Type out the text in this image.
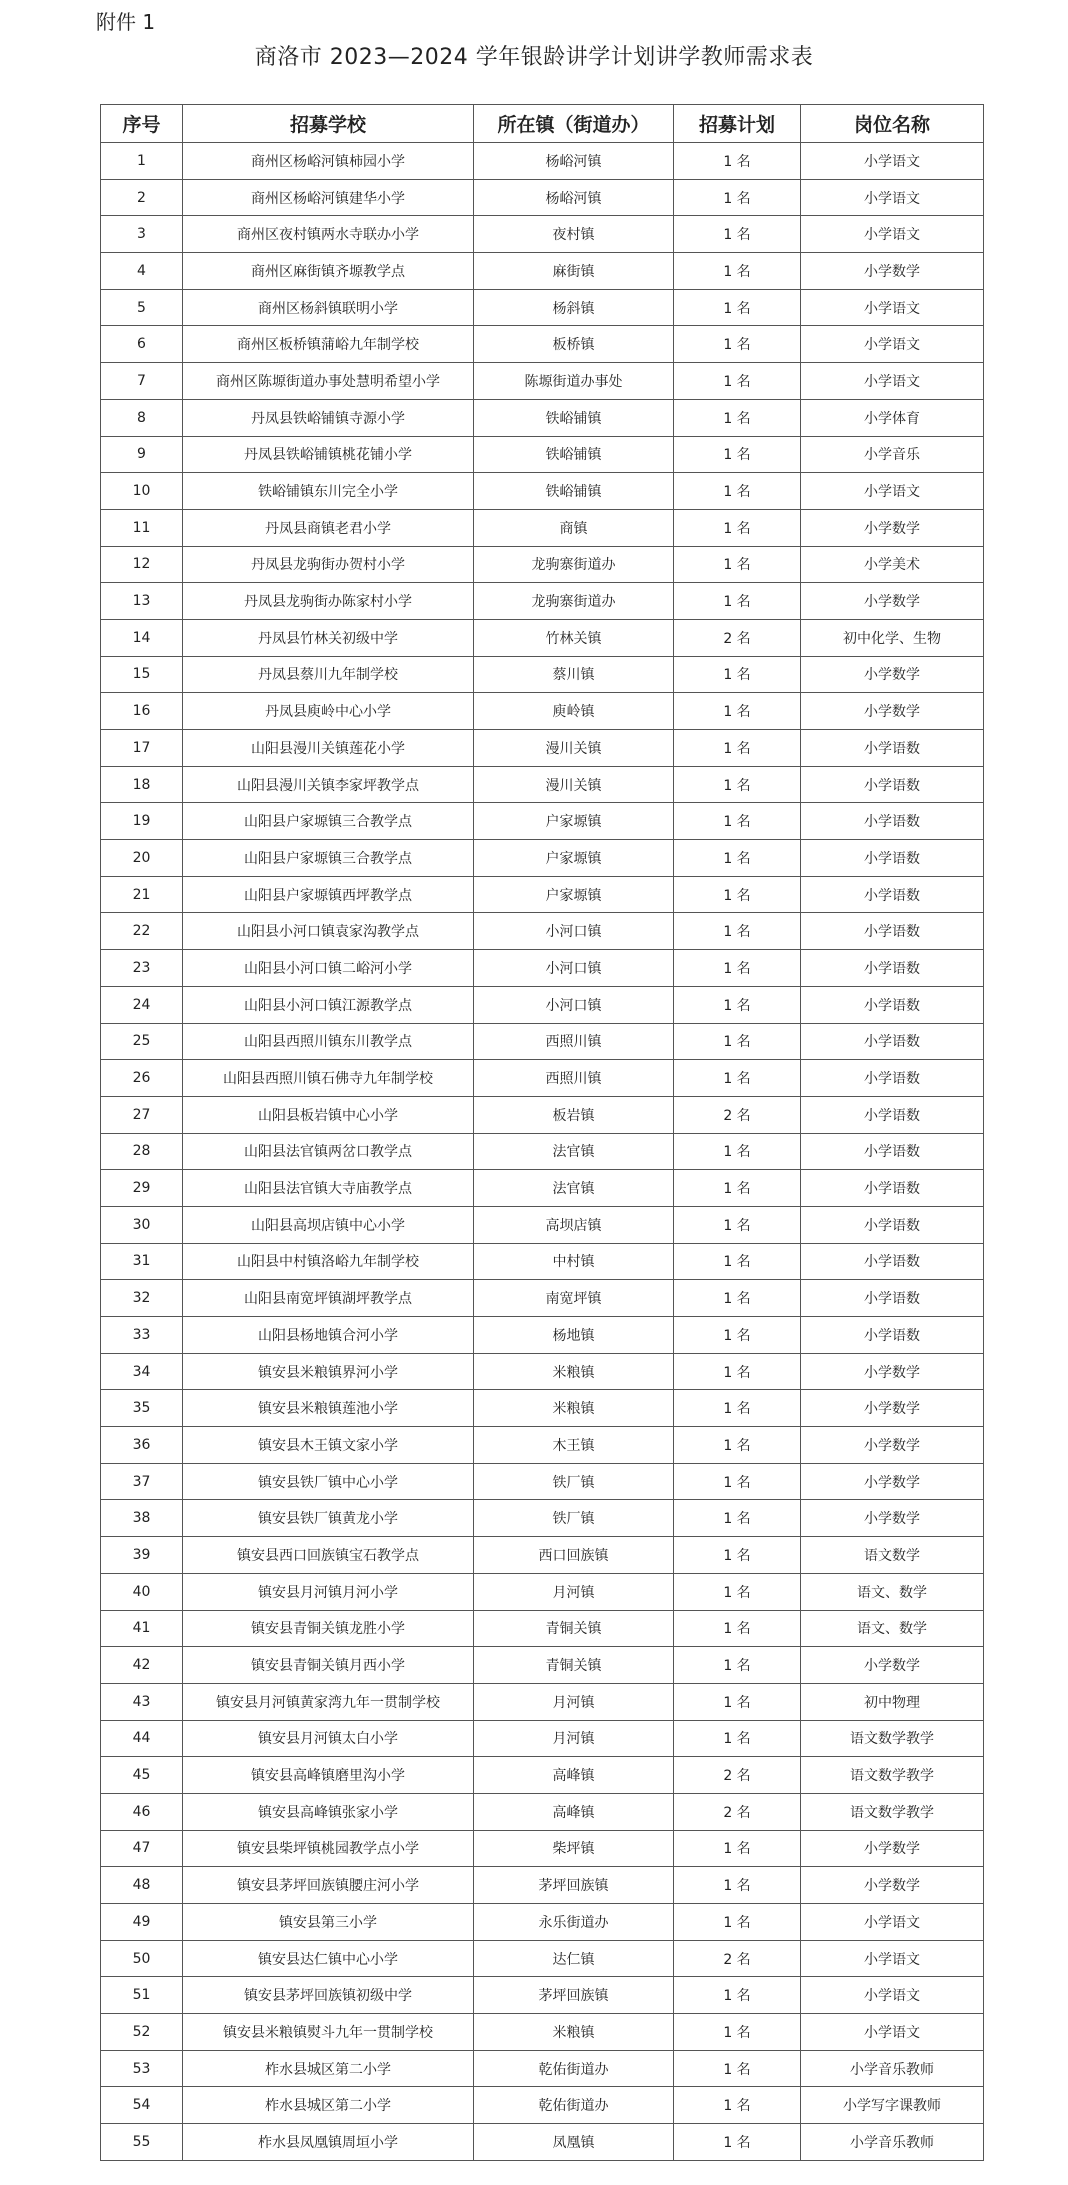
附件 1
商洛市 2023—2024 学年银龄讲学计划讲学教师需求表
序号	招募学校	所在镇（街道办）	招募计划	岗位名称
1	商州区杨峪河镇柿园小学	杨峪河镇	1 名	小学语文
2	商州区杨峪河镇建华小学	杨峪河镇	1 名	小学语文
3	商州区夜村镇两水寺联办小学	夜村镇	1 名	小学语文
4	商州区麻街镇齐塬教学点	麻街镇	1 名	小学数学
5	商州区杨斜镇联明小学	杨斜镇	1 名	小学语文
6	商州区板桥镇蒲峪九年制学校	板桥镇	1 名	小学语文
7	商州区陈塬街道办事处慧明希望小学	陈塬街道办事处	1 名	小学语文
8	丹凤县铁峪铺镇寺源小学	铁峪铺镇	1 名	小学体育
9	丹凤县铁峪铺镇桃花铺小学	铁峪铺镇	1 名	小学音乐
10	铁峪铺镇东川完全小学	铁峪铺镇	1 名	小学语文
11	丹凤县商镇老君小学	商镇	1 名	小学数学
12	丹凤县龙驹街办贺村小学	龙驹寨街道办	1 名	小学美术
13	丹凤县龙驹街办陈家村小学	龙驹寨街道办	1 名	小学数学
14	丹凤县竹林关初级中学	竹林关镇	2 名	初中化学、生物
15	丹凤县蔡川九年制学校	蔡川镇	1 名	小学数学
16	丹凤县庾岭中心小学	庾岭镇	1 名	小学数学
17	山阳县漫川关镇莲花小学	漫川关镇	1 名	小学语数
18	山阳县漫川关镇李家坪教学点	漫川关镇	1 名	小学语数
19	山阳县户家塬镇三合教学点	户家塬镇	1 名	小学语数
20	山阳县户家塬镇三合教学点	户家塬镇	1 名	小学语数
21	山阳县户家塬镇西坪教学点	户家塬镇	1 名	小学语数
22	山阳县小河口镇袁家沟教学点	小河口镇	1 名	小学语数
23	山阳县小河口镇二峪河小学	小河口镇	1 名	小学语数
24	山阳县小河口镇江源教学点	小河口镇	1 名	小学语数
25	山阳县西照川镇东川教学点	西照川镇	1 名	小学语数
26	山阳县西照川镇石佛寺九年制学校	西照川镇	1 名	小学语数
27	山阳县板岩镇中心小学	板岩镇	2 名	小学语数
28	山阳县法官镇两岔口教学点	法官镇	1 名	小学语数
29	山阳县法官镇大寺庙教学点	法官镇	1 名	小学语数
30	山阳县高坝店镇中心小学	高坝店镇	1 名	小学语数
31	山阳县中村镇洛峪九年制学校	中村镇	1 名	小学语数
32	山阳县南宽坪镇湖坪教学点	南宽坪镇	1 名	小学语数
33	山阳县杨地镇合河小学	杨地镇	1 名	小学语数
34	镇安县米粮镇界河小学	米粮镇	1 名	小学数学
35	镇安县米粮镇莲池小学	米粮镇	1 名	小学数学
36	镇安县木王镇文家小学	木王镇	1 名	小学数学
37	镇安县铁厂镇中心小学	铁厂镇	1 名	小学数学
38	镇安县铁厂镇黄龙小学	铁厂镇	1 名	小学数学
39	镇安县西口回族镇宝石教学点	西口回族镇	1 名	语文数学
40	镇安县月河镇月河小学	月河镇	1 名	语文、数学
41	镇安县青铜关镇龙胜小学	青铜关镇	1 名	语文、数学
42	镇安县青铜关镇月西小学	青铜关镇	1 名	小学数学
43	镇安县月河镇黄家湾九年一贯制学校	月河镇	1 名	初中物理
44	镇安县月河镇太白小学	月河镇	1 名	语文数学教学
45	镇安县高峰镇磨里沟小学	高峰镇	2 名	语文数学教学
46	镇安县高峰镇张家小学	高峰镇	2 名	语文数学教学
47	镇安县柴坪镇桃园教学点小学	柴坪镇	1 名	小学数学
48	镇安县茅坪回族镇腰庄河小学	茅坪回族镇	1 名	小学数学
49	镇安县第三小学	永乐街道办	1 名	小学语文
50	镇安县达仁镇中心小学	达仁镇	2 名	小学语文
51	镇安县茅坪回族镇初级中学	茅坪回族镇	1 名	小学语文
52	镇安县米粮镇熨斗九年一贯制学校	米粮镇	1 名	小学语文
53	柞水县城区第二小学	乾佑街道办	1 名	小学音乐教师
54	柞水县城区第二小学	乾佑街道办	1 名	小学写字课教师
55	柞水县凤凰镇周垣小学	凤凰镇	1 名	小学音乐教师
